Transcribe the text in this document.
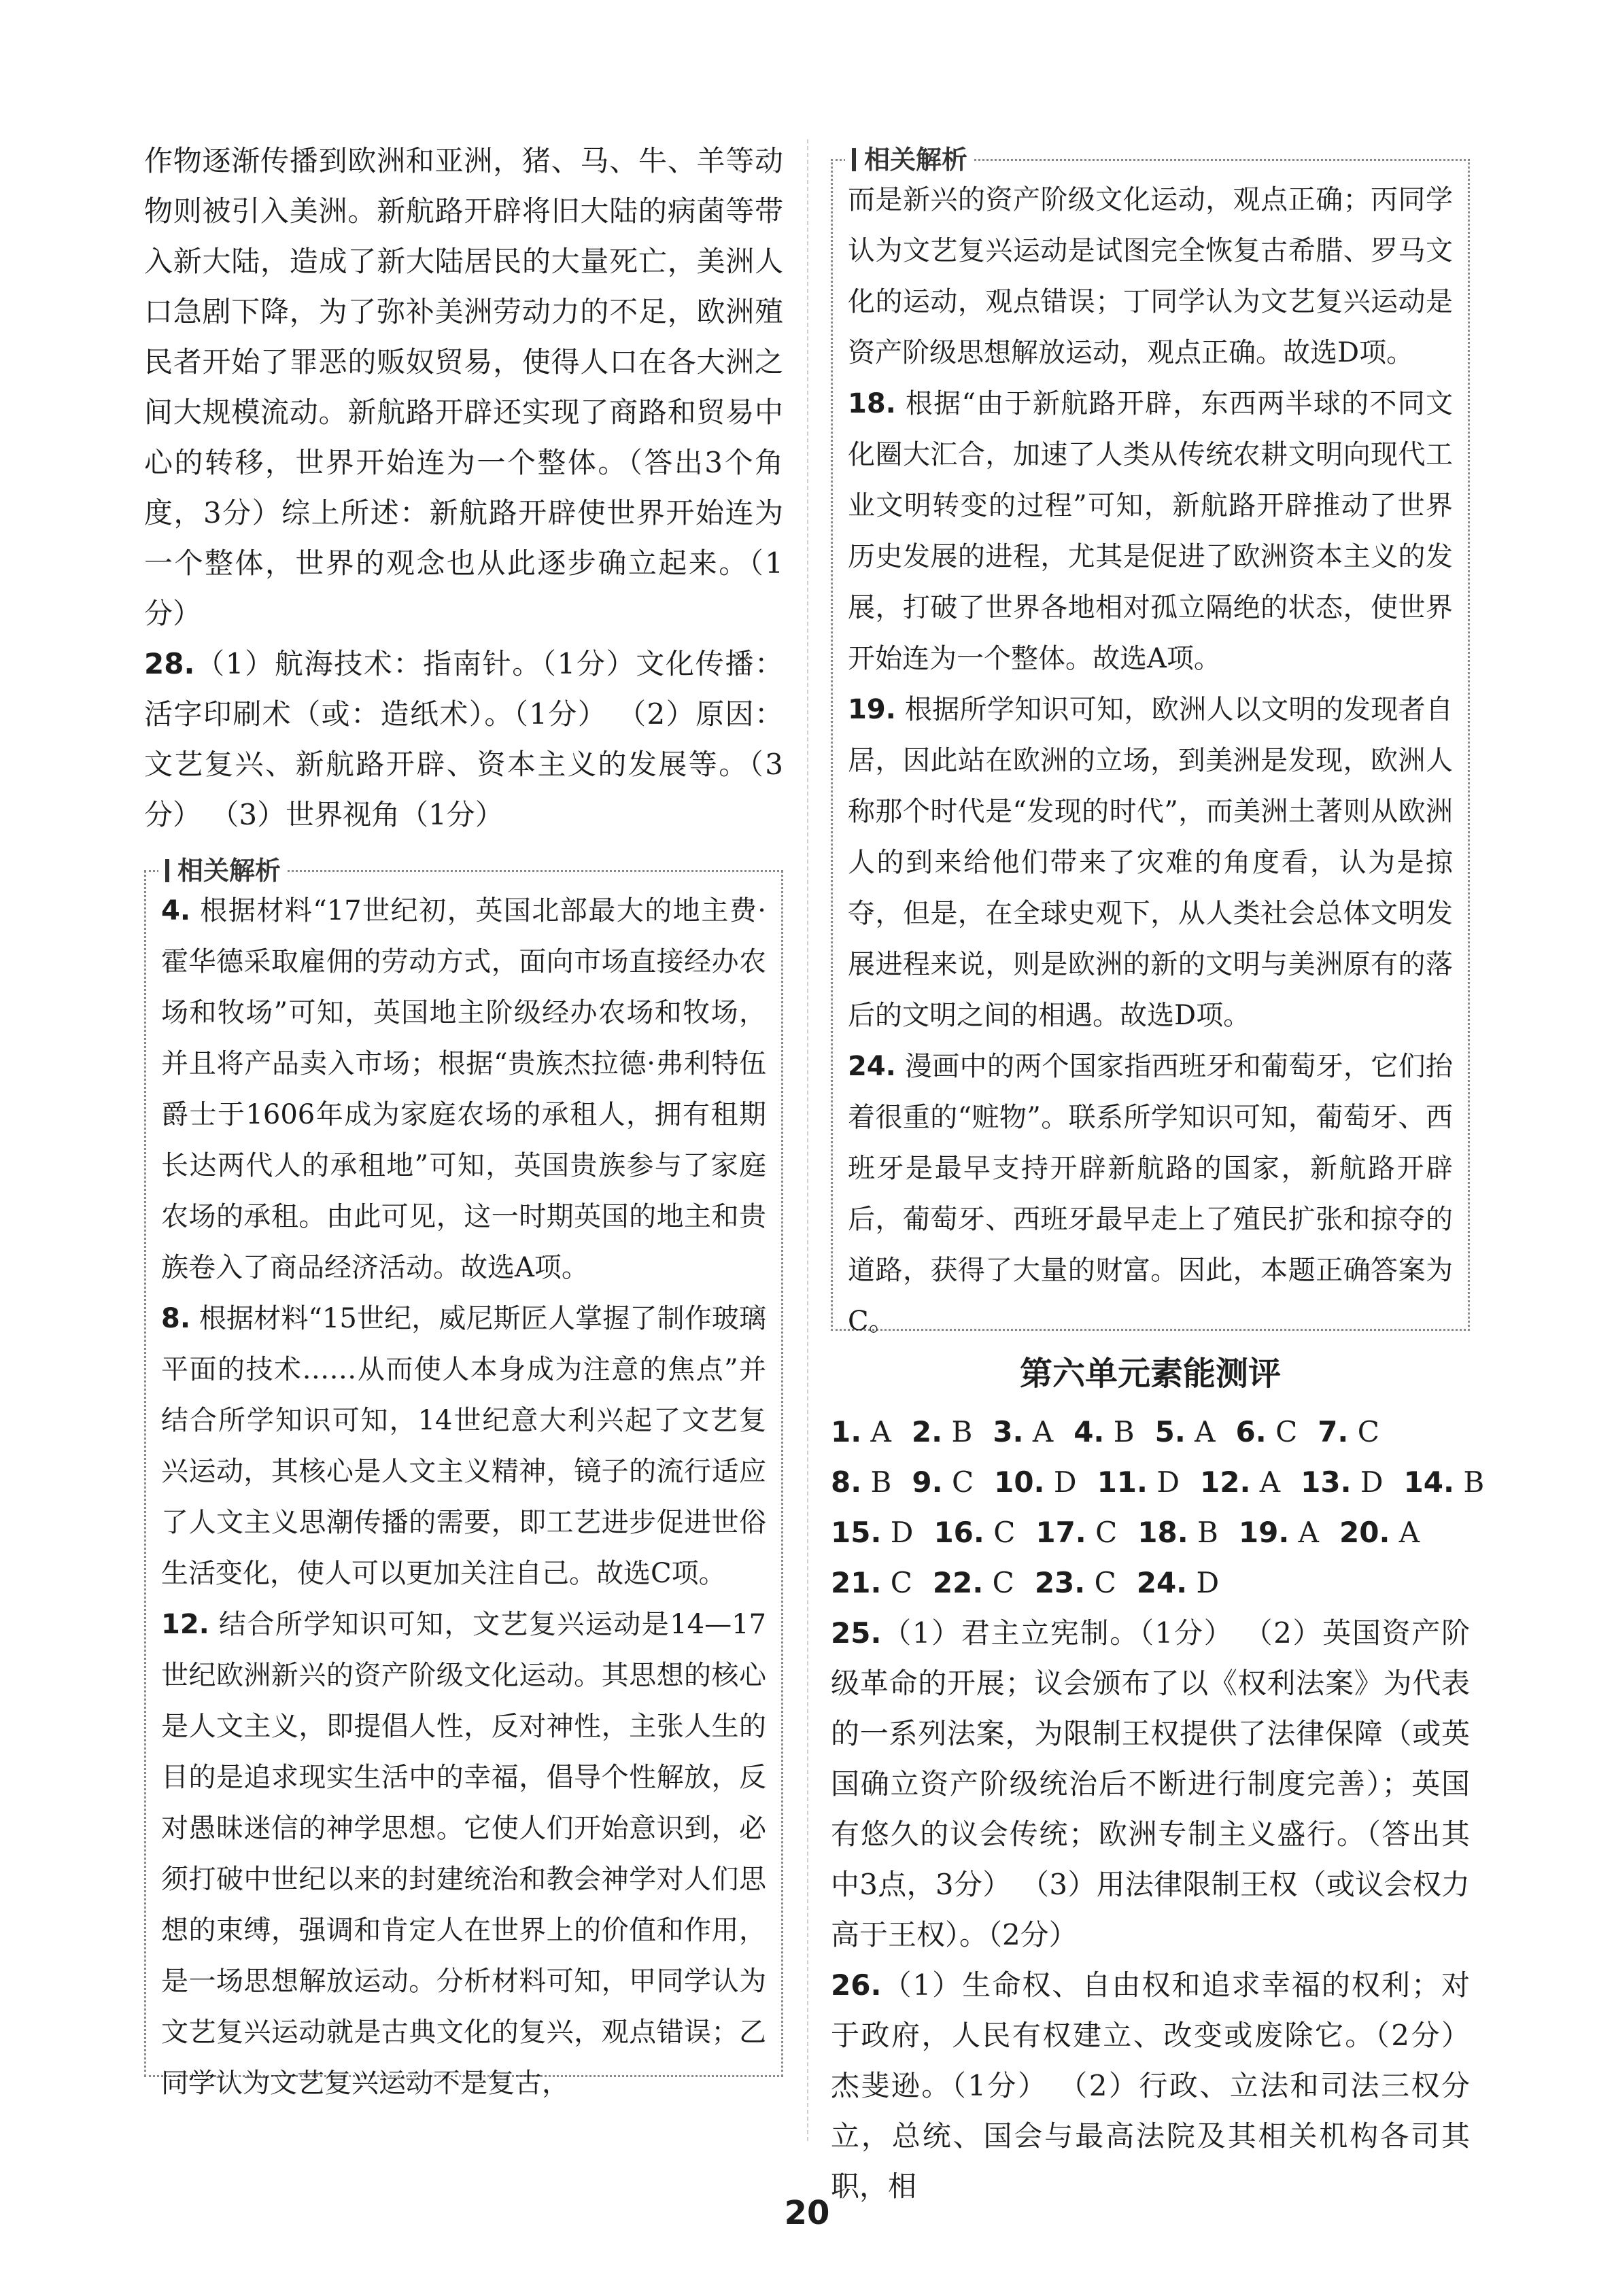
作物逐渐传播到欧洲和亚洲，猪、马、牛、羊等动物则被引入美洲。新航路开辟将旧大陆的病菌等带入新大陆，造成了新大陆居民的大量死亡，美洲人口急剧下降，为了弥补美洲劳动力的不足，欧洲殖民者开始了罪恶的贩奴贸易，使得人口在各大洲之间大规模流动。新航路开辟还实现了商路和贸易中心的转移，世界开始连为一个整体。（答出3个角度，3分）综上所述：新航路开辟使世界开始连为一个整体，世界的观念也从此逐步确立起来。（1分）

28.（1）航海技术：指南针。（1分）文化传播：活字印刷术（或：造纸术）。（1分） （2）原因：文艺复兴、新航路开辟、资本主义的发展等。（3分） （3）世界视角（1分）

相关解析

4. 根据材料“17世纪初，英国北部最大的地主费·霍华德采取雇佣的劳动方式，面向市场直接经办农场和牧场”可知，英国地主阶级经办农场和牧场，并且将产品卖入市场；根据“贵族杰拉德·弗利特伍爵士于1606年成为家庭农场的承租人，拥有租期长达两代人的承租地”可知，英国贵族参与了家庭农场的承租。由此可见，这一时期英国的地主和贵族卷入了商品经济活动。故选A项。

8. 根据材料“15世纪，威尼斯匠人掌握了制作玻璃平面的技术……从而使人本身成为注意的焦点”并结合所学知识可知，14世纪意大利兴起了文艺复兴运动，其核心是人文主义精神，镜子的流行适应了人文主义思潮传播的需要，即工艺进步促进世俗生活变化，使人可以更加关注自己。故选C项。

12. 结合所学知识可知，文艺复兴运动是14—17世纪欧洲新兴的资产阶级文化运动。其思想的核心是人文主义，即提倡人性，反对神性，主张人生的目的是追求现实生活中的幸福，倡导个性解放，反对愚昧迷信的神学思想。它使人们开始意识到，必须打破中世纪以来的封建统治和教会神学对人们思想的束缚，强调和肯定人在世界上的价值和作用，是一场思想解放运动。分析材料可知，甲同学认为文艺复兴运动就是古典文化的复兴，观点错误；乙同学认为文艺复兴运动不是复古，

相关解析

而是新兴的资产阶级文化运动，观点正确；丙同学认为文艺复兴运动是试图完全恢复古希腊、罗马文化的运动，观点错误；丁同学认为文艺复兴运动是资产阶级思想解放运动，观点正确。故选D项。

18. 根据“由于新航路开辟，东西两半球的不同文化圈大汇合，加速了人类从传统农耕文明向现代工业文明转变的过程”可知，新航路开辟推动了世界历史发展的进程，尤其是促进了欧洲资本主义的发展，打破了世界各地相对孤立隔绝的状态，使世界开始连为一个整体。故选A项。

19. 根据所学知识可知，欧洲人以文明的发现者自居，因此站在欧洲的立场，到美洲是发现，欧洲人称那个时代是“发现的时代”，而美洲土著则从欧洲人的到来给他们带来了灾难的角度看，认为是掠夺，但是，在全球史观下，从人类社会总体文明发展进程来说，则是欧洲的新的文明与美洲原有的落后的文明之间的相遇。故选D项。

24. 漫画中的两个国家指西班牙和葡萄牙，它们抬着很重的“赃物”。联系所学知识可知，葡萄牙、西班牙是最早支持开辟新航路的国家，新航路开辟后，葡萄牙、西班牙最早走上了殖民扩张和掠夺的道路，获得了大量的财富。因此，本题正确答案为C。

第六单元素能测评
1. A 2. B 3. A 4. B 5. A 6. C 7. C
8. B 9. C 10. D 11. D 12. A 13. D 14. B
15. D 16. C 17. C 18. B 19. A 20. A
21. C 22. C 23. C 24. D

25.（1）君主立宪制。（1分） （2）英国资产阶级革命的开展；议会颁布了以《权利法案》为代表的一系列法案，为限制王权提供了法律保障（或英国确立资产阶级统治后不断进行制度完善）；英国有悠久的议会传统；欧洲专制主义盛行。（答出其中3点，3分） （3）用法律限制王权（或议会权力高于王权）。（2分）

26.（1）生命权、自由权和追求幸福的权利；对于政府，人民有权建立、改变或废除它。（2分） 杰斐逊。（1分） （2）行政、立法和司法三权分立，总统、国会与最高法院及其相关机构各司其职，相

20
